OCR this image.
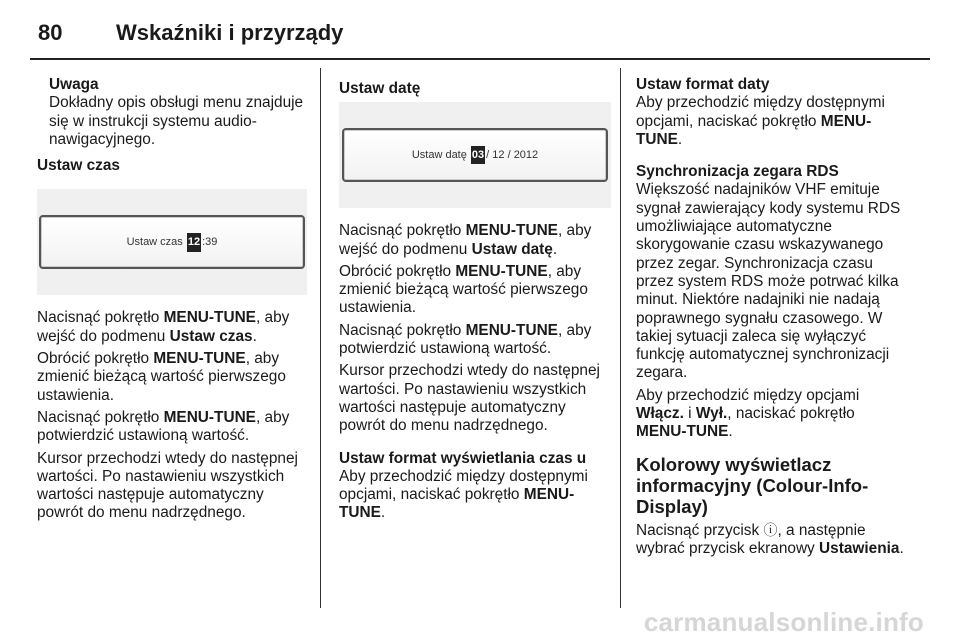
80	Wskaźniki i przyrządy
Uwaga
Dokładny opis obsługi menu znajduje się w instrukcji systemu audio-nawigacyjnego.
Ustaw czas
Ustaw czas
12 :39

Nacisnąć pokrętło MENU-TUNE, aby wejść do podmenu Ustaw czas.

Obrócić pokrętło MENU-TUNE, aby zmienić bieżącą wartość pierwszego ustawienia.

Nacisnąć pokrętło MENU-TUNE, aby potwierdzić ustawioną wartość.

Kursor przechodzi wtedy do następnej wartości. Po nastawieniu wszystkich wartości następuje automatyczny powrót do menu nadrzędnego.

Ustaw datę
Ustaw datę
03 / 12 / 2012

Nacisnąć pokrętło MENU-TUNE, aby wejść do podmenu Ustaw datę.

Obrócić pokrętło MENU-TUNE, aby zmienić bieżącą wartość pierwszego ustawienia.

Nacisnąć pokrętło MENU-TUNE, aby potwierdzić ustawioną wartość.

Kursor przechodzi wtedy do następnej wartości. Po nastawieniu wszystkich wartości następuje automatyczny powrót do menu nadrzędnego.

Ustaw format wyświetlania czas u

Aby przechodzić między dostępnymi opcjami, naciskać pokrętło MENU-TUNE.

Ustaw format daty

Aby przechodzić między dostępnymi opcjami, naciskać pokrętło MENU-TUNE.

Synchronizacja zegara RDS

Większość nadajników VHF emituje sygnał zawierający kody systemu RDS umożliwiające automatyczne skorygowanie czasu wskazywanego przez zegar. Synchronizacja czasu przez system RDS może potrwać kilka minut. Niektóre nadajniki nie nadają poprawnego sygnału czasowego. W takiej sytuacji zaleca się wyłączyć funkcję automatycznej synchronizacji zegara.

Aby przechodzić między opcjami Włącz. i Wył., naciskać pokrętło MENU-TUNE.

Kolorowy wyświetlacz informacyjny (Colour-Info-Display)

Nacisnąć przycisk ⓘ, a następnie wybrać przycisk ekranowy Ustawienia.

carmanualsonline.info
